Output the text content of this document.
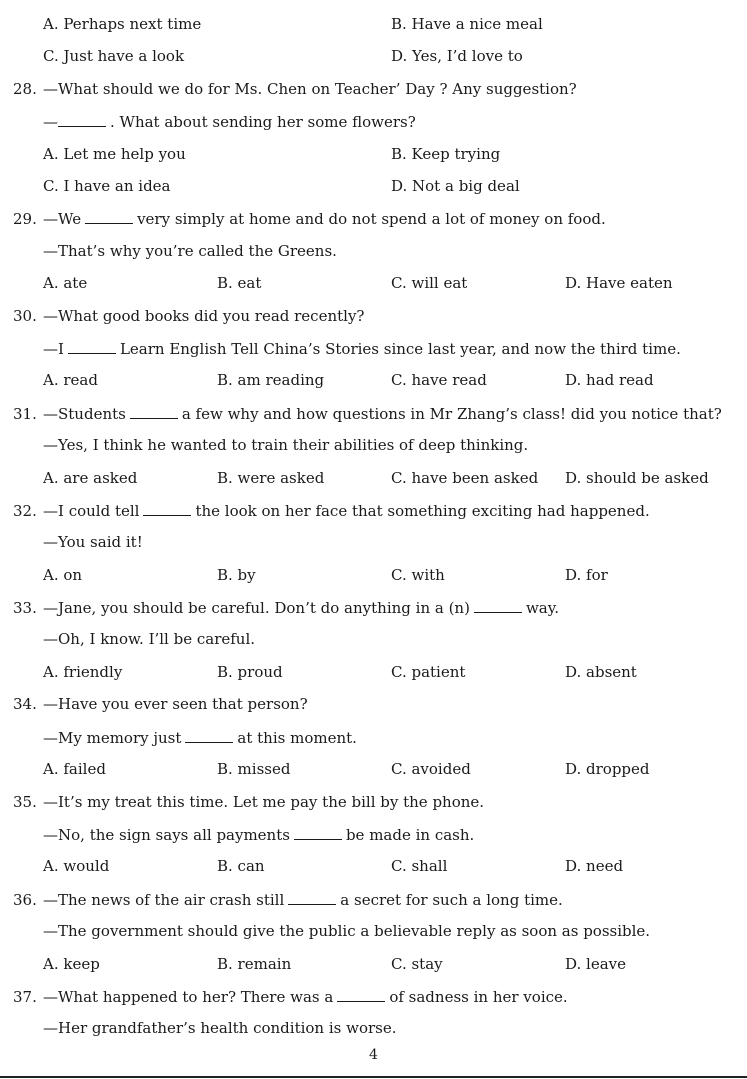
A. Perhaps next time	B. Have a nice meal
C. Just have a look	D. Yes, I’d love to
28. —What should we do for Ms. Chen on Teacher’ Day ? Any suggestion?
—	. What about sending her some flowers?
A. Let me help you	B. Keep trying
C. I have an idea	D. Not a big deal
29. —We	very simply at home and do not spend a lot of money on food.
—That’s why you’re called the Greens.
A. ate	B. eat	C. will eat	D. Have eaten
30. —What good books did you read recently?
—I	Learn English Tell China’s Stories since last year, and now the third time.
A. read	B. am reading	C. have read	D. had read
31. —Students	a few why and how questions in Mr Zhang’s class! did you notice that?
—Yes, I think he wanted to train their abilities of deep thinking.
A. are asked	B. were asked	C. have been asked D. should be asked
32. —I could tell	the look on her face that something exciting had happened.
—You said it!
A. on	B. by	C. with	D. for
33. —Jane, you should be careful. Don’t do anything in a (n)	way.
—Oh, I know. I’ll be careful.
A. friendly	B. proud	C. patient	D. absent
34. —Have you ever seen that person?
—My memory just	at this moment.
A. failed	B. missed	C. avoided	D. dropped
35. —It’s my treat this time. Let me pay the bill by the phone.
—No, the sign says all payments	be made in cash.
A. would	B. can	C. shall	D. need
36. —The news of the air crash still	a secret for such a long time.
—The government should give the public a believable reply as soon as possible.
A. keep	B. remain	C. stay	D. leave
37. —What happened to her? There was a	of sadness in her voice.
—Her grandfather’s health condition is worse.
4
